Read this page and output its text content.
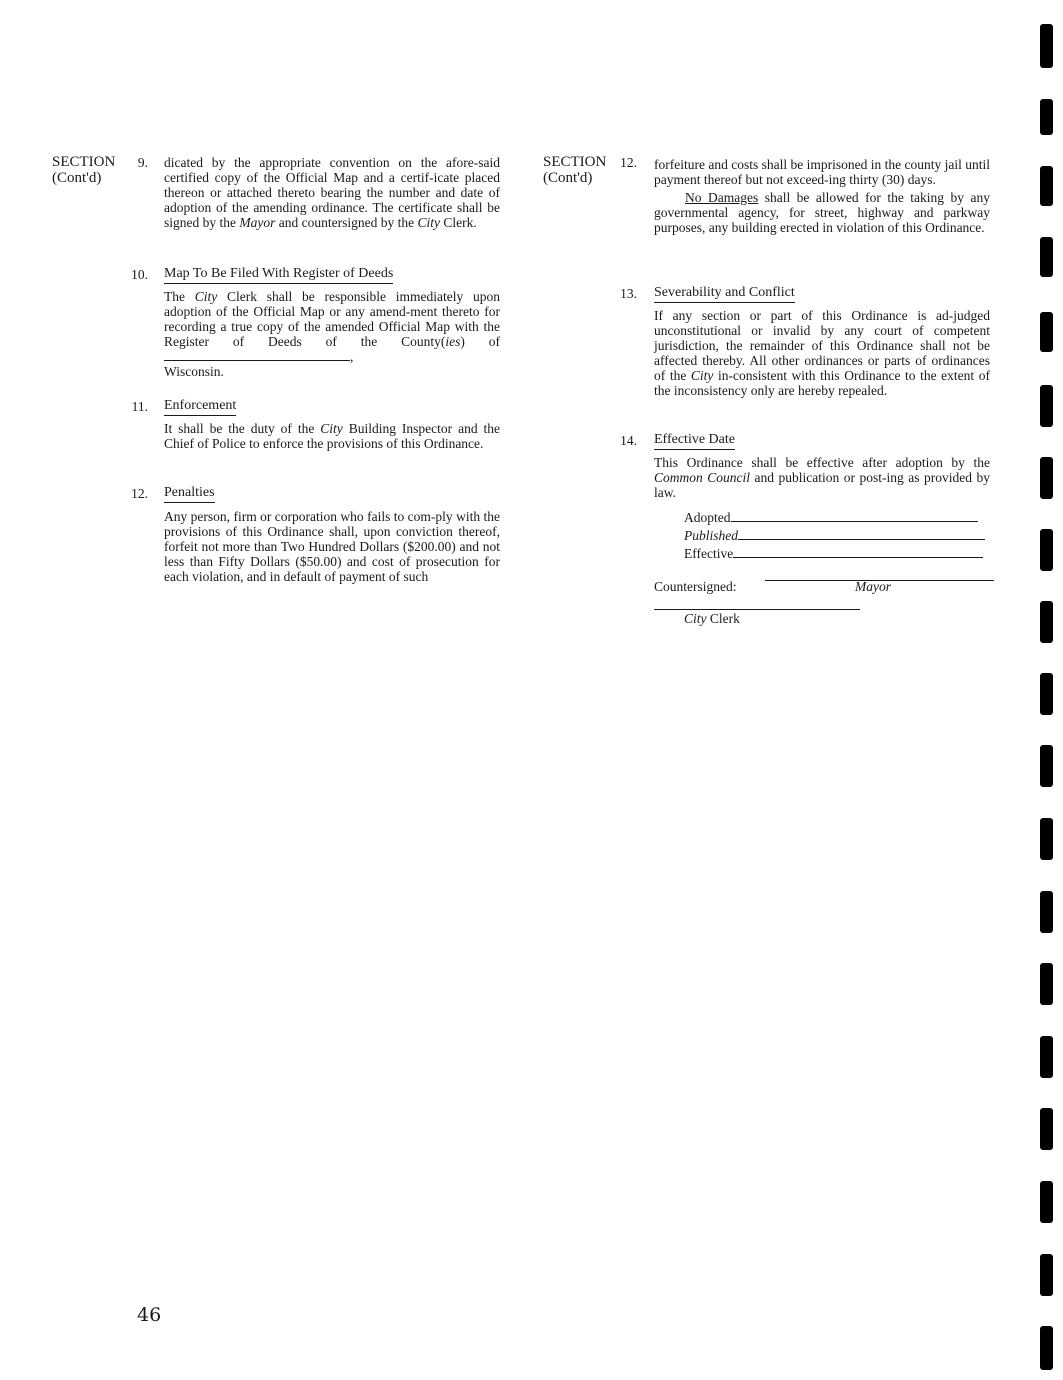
SECTION
(Cont'd)
9. dicated by the appropriate convention on the afore-said certified copy of the Official Map and a certif-icate placed thereon or attached thereto bearing the number and date of adoption of the amending ordinance. The certificate shall be signed by the Mayor and countersigned by the City Clerk.

10. Map To Be Filed With Register of Deeds

The City Clerk shall be responsible immediately upon adoption of the Official Map or any amend-ment thereto for recording a true copy of the amended Official Map with the Register of Deeds of the County(ies) of,

Wisconsin.

11. Enforcement

It shall be the duty of the City Building Inspector and the Chief of Police to enforce the provisions of this Ordinance.

12. Penalties
Any person, firm or corporation who fails to com-ply with the provisions of this Ordinance shall, upon conviction thereof, forfeit not more than Two Hundred Dollars ($200.00) and not less than Fifty Dollars ($50.00) and cost of prosecution for each violation, and in default of payment of such
SECTION
(Cont'd)
12. forfeiture and costs shall be imprisoned in the county jail until payment thereof but not exceed-ing thirty (30) days.

No Damages shall be allowed for the taking by any governmental agency, for street, highway and parkway purposes, any building erected in violation of this Ordinance.

13. Severability and Conflict

If any section or part of this Ordinance is ad-judged unconstitutional or invalid by any court of competent jurisdiction, the remainder of this Ordinance shall not be affected thereby. All other ordinances or parts of ordinances of the City in-consistent with this Ordinance to the extent of the inconsistency only are hereby repealed.

14. Effective Date

This Ordinance shall be effective after adoption by the Common Council and publication or post-ing as provided by law.

Adopted
Published
Effective
Countersigned:	Mayor
City Clerk
46
